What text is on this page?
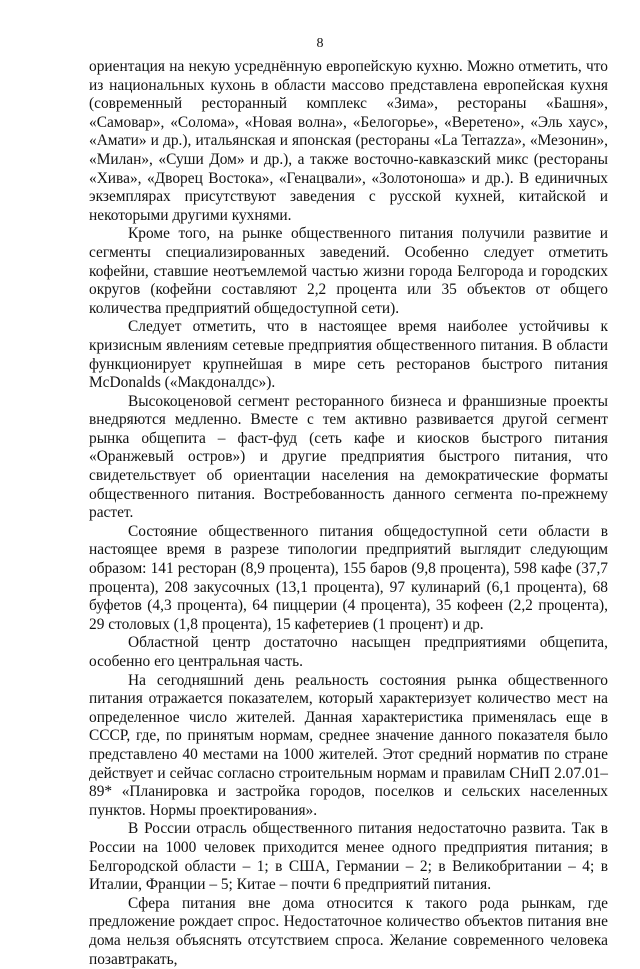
8

ориентация на некую усреднённую европейскую кухню. Можно отметить, что из национальных кухонь в области массово представлена европейская кухня (современный ресторанный комплекс «Зима», рестораны «Башня», «Самовар», «Солома», «Новая волна», «Белогорье», «Веретено», «Эль хаус», «Амати» и др.), итальянская и японская (рестораны «La Terrazza», «Мезонин», «Милан», «Суши Дом» и др.), а также восточно-кавказский микс (рестораны «Хива», «Дворец Востока», «Генацвали», «Золотоноша» и др.). В единичных экземплярах присутствуют заведения с русской кухней, китайской и некоторыми другими кухнями.

Кроме того, на рынке общественного питания получили развитие и сегменты специализированных заведений. Особенно следует отметить кофейни, ставшие неотъемлемой частью жизни города Белгорода и городских округов (кофейни составляют 2,2 процента или 35 объектов от общего количества предприятий общедоступной сети).

Следует отметить, что в настоящее время наиболее устойчивы к кризисным явлениям сетевые предприятия общественного питания. В области функционирует крупнейшая в мире сеть ресторанов быстрого питания McDonalds («Макдоналдс»).

Высокоценовой сегмент ресторанного бизнеса и франшизные проекты внедряются медленно. Вместе с тем активно развивается другой сегмент рынка общепита – фаст-фуд (сеть кафе и киосков быстрого питания «Оранжевый остров») и другие предприятия быстрого питания, что свидетельствует об ориентации населения на демократические форматы общественного питания. Востребованность данного сегмента по-прежнему растет.

Состояние общественного питания общедоступной сети области в настоящее время в разрезе типологии предприятий выглядит следующим образом: 141 ресторан (8,9 процента), 155 баров (9,8 процента), 598 кафе (37,7 процента), 208 закусочных (13,1 процента), 97 кулинарий (6,1 процента), 68 буфетов (4,3 процента), 64 пиццерии (4 процента), 35 кофеен (2,2 процента), 29 столовых (1,8 процента), 15 кафетериев (1 процент) и др.

Областной центр достаточно насыщен предприятиями общепита, особенно его центральная часть.

На сегодняшний день реальность состояния рынка общественного питания отражается показателем, который характеризует количество мест на определенное число жителей. Данная характеристика применялась еще в СССР, где, по принятым нормам, среднее значение данного показателя было представлено 40 местами на 1000 жителей. Этот средний норматив по стране действует и сейчас согласно строительным нормам и правилам СНиП 2.07.01–89* «Планировка и застройка городов, поселков и сельских населенных пунктов. Нормы проектирования».

В России отрасль общественного питания недостаточно развита. Так в России на 1000 человек приходится менее одного предприятия питания; в Белгородской области – 1; в США, Германии – 2; в Великобритании – 4; в Италии, Франции – 5; Китае – почти 6 предприятий питания.

Сфера питания вне дома относится к такого рода рынкам, где предложение рождает спрос. Недостаточное количество объектов питания вне дома нельзя объяснять отсутствием спроса. Желание современного человека позавтракать,
